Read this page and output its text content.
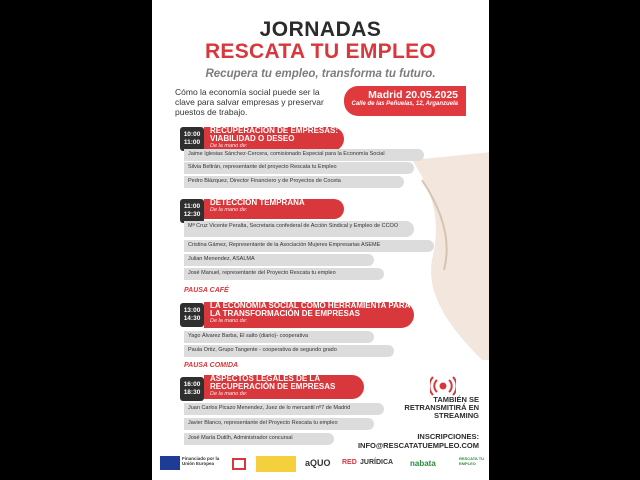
JORNADAS
RESCATA TU EMPLEO
Recupera tu empleo, transforma tu futuro.
Cómo la economía social puede ser la clave para salvar empresas y preservar puestos de trabajo.
Madrid 20.05.2025
Calle de las Peñuelas, 12, Arganzuela
10:00
11:00
RECUPERACIÓN DE EMPRESAS: VIABILIDAD O DESEO
De la mano de:
Jaime Iglesias Sánchez-Cercera, comisionado Especial para la Economía Social
Silvia Beltrán, representante del proyecto Rescata tu Empleo
Pedro Blázquez, Director Financiero y de Proyectos de Coceta
11:00
12:30
DETECCIÓN TEMPRANA
De la mano de:
Mª Cruz Vicente Peralta, Secretaria confederal de Acción Sindical y Empleo de CCOO
Cristina Gámez, Representante de la Asociación Mujeres Empresarias ASEME
Julian Menendez, ASALMA
José Manuel, representante del Proyecto Rescata tu empleo
PAUSA CAFÉ
13:00
14:30
LA ECONOMÍA SOCIAL COMO HERRAMIENTA PARA LA TRANSFORMACIÓN DE EMPRESAS
De la mano de:
Yago Álvarez Barba, El salto (diario)- cooperativa
Paula Ortiz, Grupo Tangente - cooperativa de segundo grado
PAUSA COMIDA
16:00
18:30
ASPECTOS LEGALES DE LA RECUPERACIÓN DE EMPRESAS
De la mano de:
Juan Carlos Picazo Menendez, Juez de lo mercantil nº7 de Madrid
Javier Blanco, representante del Proyecto Rescata tu empleo
José María Dutilh, Administrador concursal
TAMBIÉN SE RETRANSMITIRÁ EN STREAMING
INSCRIPCIONES:
INFO@RESCATATUEMPLEO.COM
Financiado por la Unión Europea	aQUO RED JURÍDICA nabata
RESCATA TU EMPLEO
